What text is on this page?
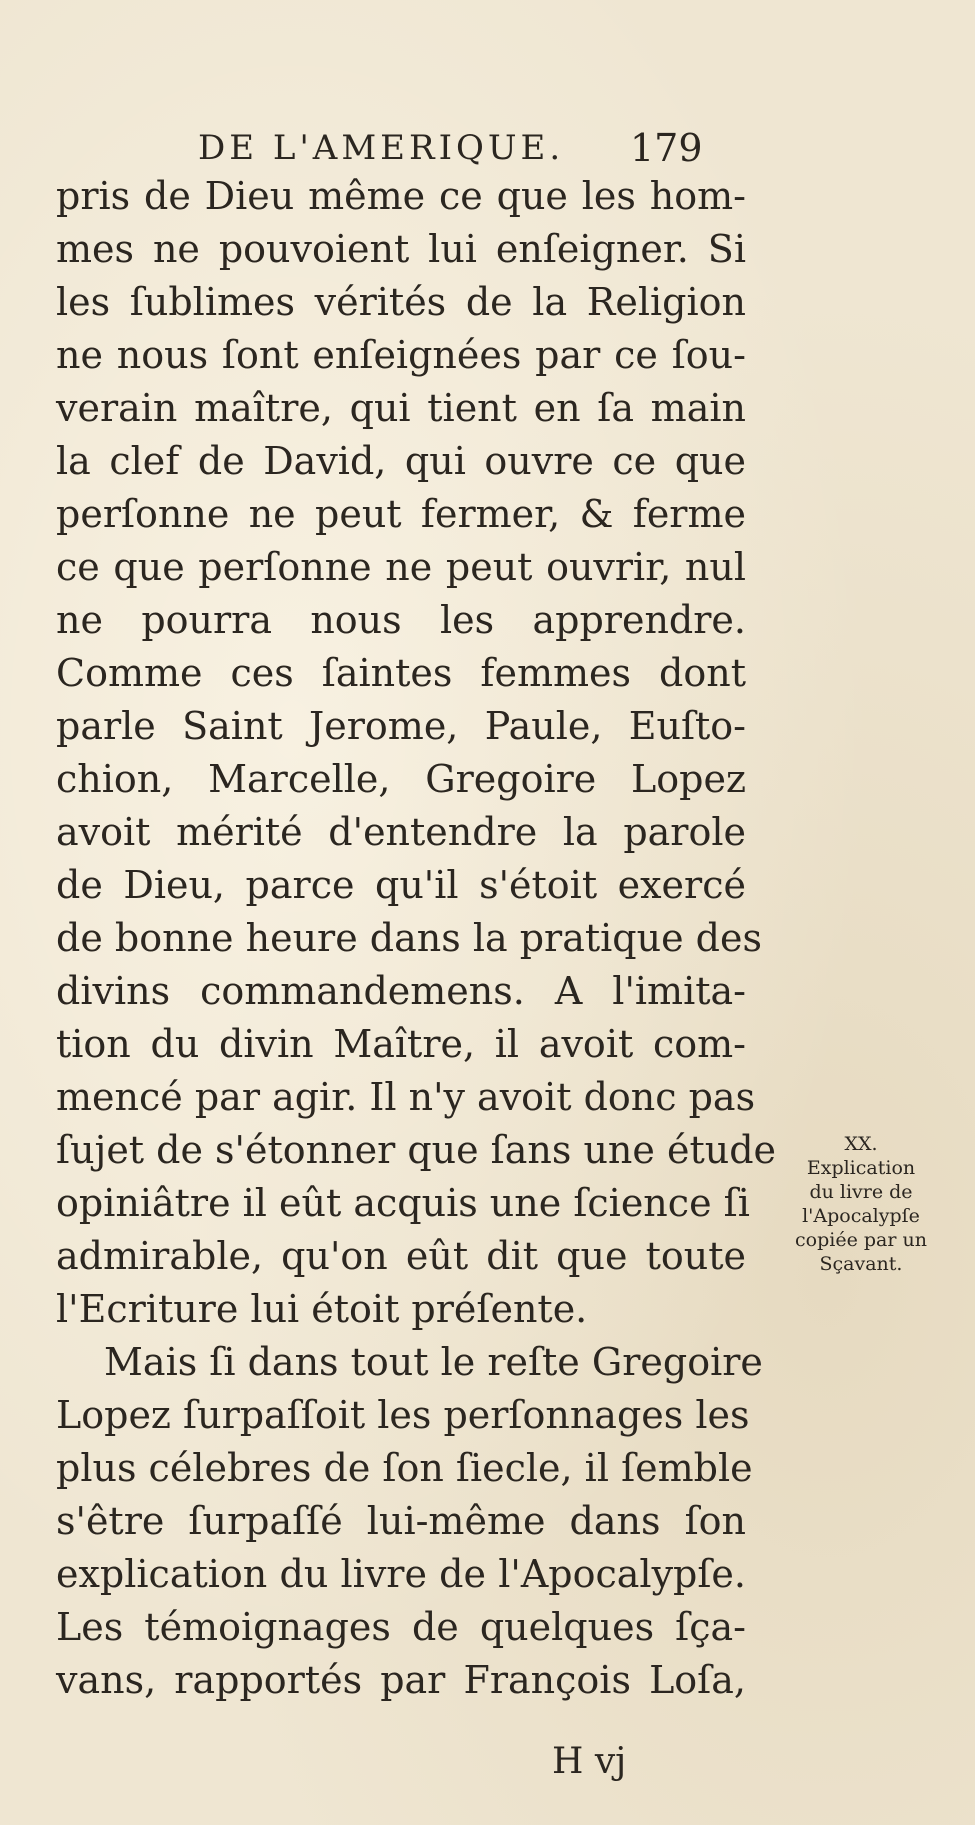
DE L'AMERIQUE. 179
pris de Dieu même ce que les hom-
mes ne pouvoient lui enſeigner. Si
les ſublimes vérités de la Religion
ne nous ſont enſeignées par ce ſou-
verain maître, qui tient en ſa main
la clef de David, qui ouvre ce que
perſonne ne peut fermer, & ferme
ce que perſonne ne peut ouvrir, nul
ne pourra nous les apprendre.
Comme ces ſaintes femmes dont
parle Saint Jerome, Paule, Euſto-
chion, Marcelle, Gregoire Lopez
avoit mérité d'entendre la parole
de Dieu, parce qu'il s'étoit exercé
de bonne heure dans la pratique des
divins commandemens. A l'imita-
tion du divin Maître, il avoit com-
mencé par agir. Il n'y avoit donc pas
ſujet de s'étonner que ſans une étude
opiniâtre il eût acquis une ſcience ſi
admirable, qu'on eût dit que toute
l'Ecriture lui étoit préſente.
Mais ſi dans tout le reſte Gregoire
Lopez ſurpaſſoit les perſonnages les
plus célebres de ſon ſiecle, il ſemble
s'être ſurpaſſé lui-même dans ſon
explication du livre de l'Apocalypſe.
Les témoignages de quelques ſça-
vans, rapportés par François Loſa,
XX.
Explication
du livre de
l'Apocalypſe
copiée par un
Sçavant.
H vj
